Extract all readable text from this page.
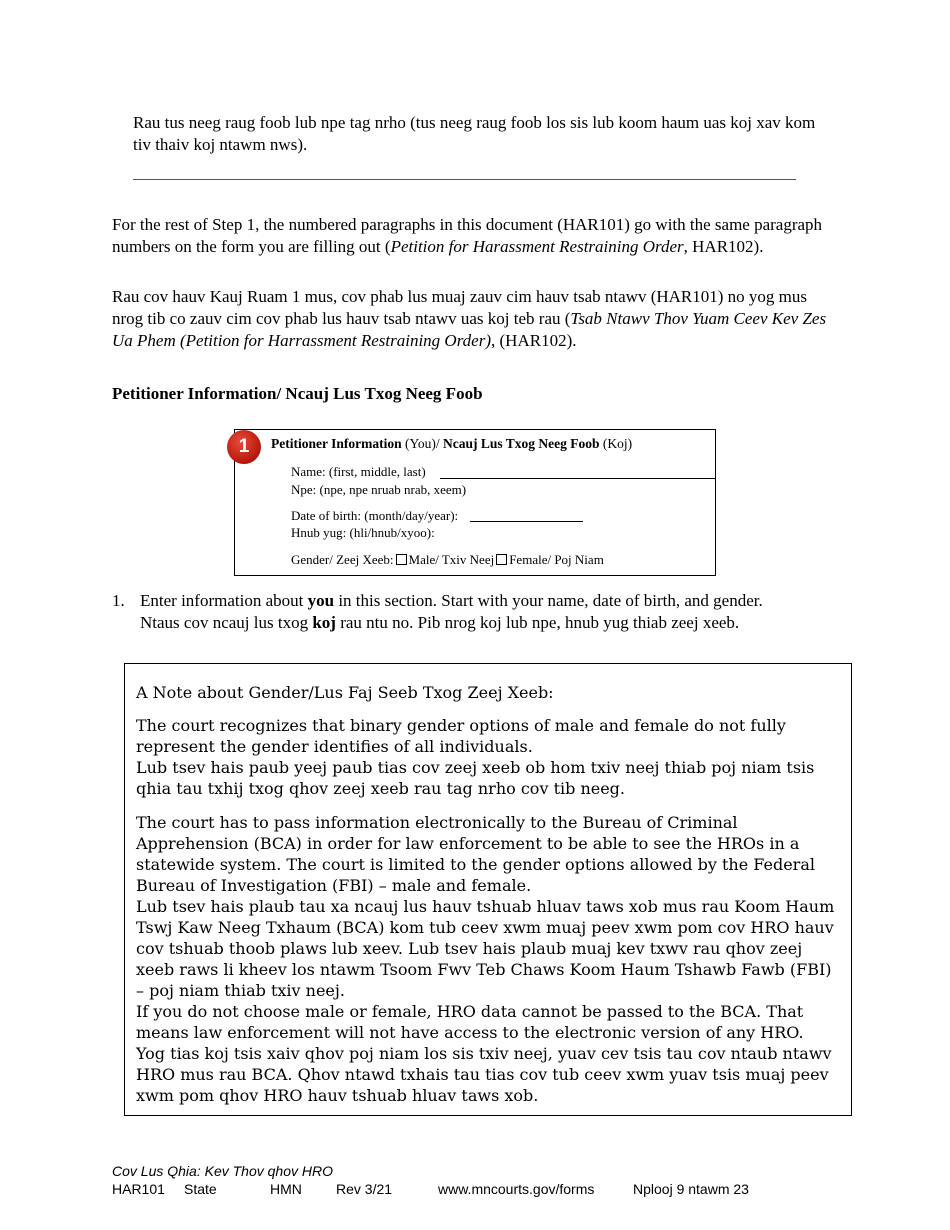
Rau tus neeg raug foob lub npe tag nrho (tus neeg raug foob los sis lub koom haum uas koj xav kom tiv thaiv koj ntawm nws).

For the rest of Step 1, the numbered paragraphs in this document (HAR101) go with the same paragraph numbers on the form you are filling out (Petition for Harassment Restraining Order, HAR102).

Rau cov hauv Kauj Ruam 1 mus, cov phab lus muaj zauv cim hauv tsab ntawv (HAR101) no yog mus nrog tib co zauv cim cov phab lus hauv tsab ntawv uas koj teb rau (Tsab Ntawv Thov Yuam Ceev Kev Zes Ua Phem (Petition for Harrassment Restraining Order), (HAR102).

Petitioner Information/ Ncauj Lus Txog Neeg Foob
1	Petitioner Information (You)/ Ncauj Lus Txog Neeg Foob (Koj)
Name: (first, middle, last)
Npe: (npe, npe nruab nrab, xeem)
Date of birth: (month/day/year):
Hnub yug: (hli/hnub/xyoo):
Gender/ Zeej Xeeb: Male/ Txiv Neej Female/ Poj Niam
1. Enter information about you in this section. Start with your name, date of birth, and gender.
Ntaus cov ncauj lus txog koj rau ntu no. Pib nrog koj lub npe, hnub yug thiab zeej xeeb.

A Note about Gender/Lus Faj Seeb Txog Zeej Xeeb:

The court recognizes that binary gender options of male and female do not fully represent the gender identifies of all individuals.
Lub tsev hais paub yeej paub tias cov zeej xeeb ob hom txiv neej thiab poj niam tsis qhia tau txhij txog qhov zeej xeeb rau tag nrho cov tib neeg.

The court has to pass information electronically to the Bureau of Criminal Apprehension (BCA) in order for law enforcement to be able to see the HROs in a statewide system. The court is limited to the gender options allowed by the Federal Bureau of Investigation (FBI) – male and female.
Lub tsev hais plaub tau xa ncauj lus hauv tshuab hluav taws xob mus rau Koom Haum Tswj Kaw Neeg Txhaum (BCA) kom tub ceev xwm muaj peev xwm pom cov HRO hauv cov tshuab thoob plaws lub xeev. Lub tsev hais plaub muaj kev txwv rau qhov zeej xeeb raws li kheev los ntawm Tsoom Fwv Teb Chaws Koom Haum Tshawb Fawb (FBI) – poj niam thiab txiv neej.
If you do not choose male or female, HRO data cannot be passed to the BCA. That means law enforcement will not have access to the electronic version of any HRO.
Yog tias koj tsis xaiv qhov poj niam los sis txiv neej, yuav cev tsis tau cov ntaub ntawv HRO mus rau BCA. Qhov ntawd txhais tau tias cov tub ceev xwm yuav tsis muaj peev xwm pom qhov HRO hauv tshuab hluav taws xob.

Cov Lus Qhia: Kev Thov qhov HRO
HAR101 State	HMN Rev 3/21	www.mncourts.gov/forms	Nplooj 9 ntawm 23
